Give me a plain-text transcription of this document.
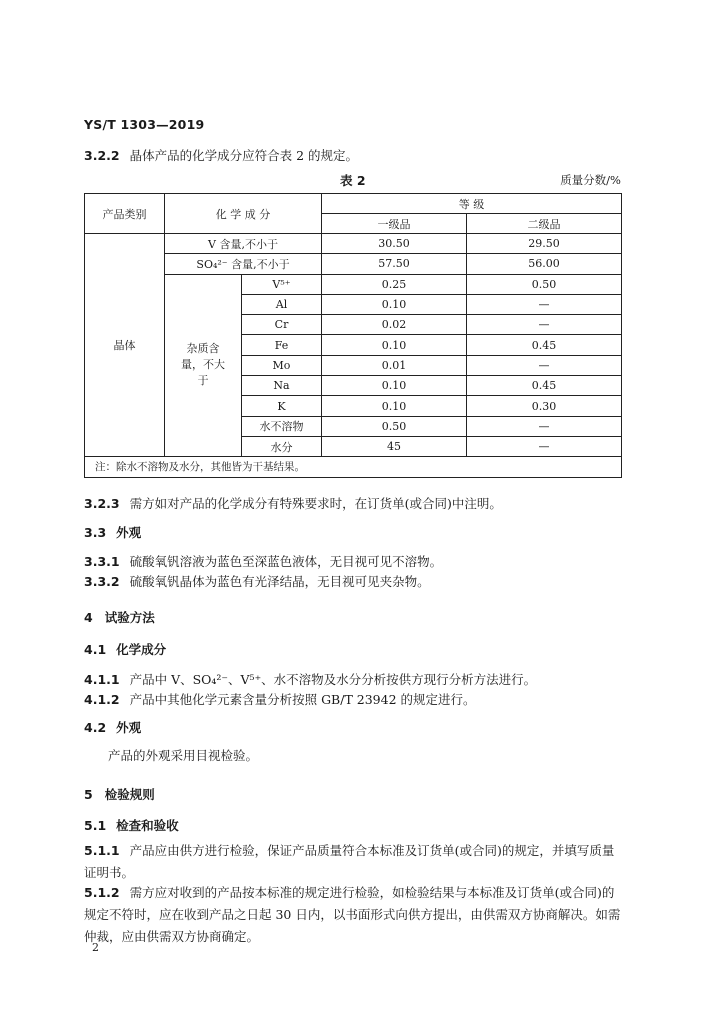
YS/T 1303—2019
3.2.2 晶体产品的化学成分应符合表 2 的规定。
表 2	质量分数/%
产品类别	化 学 成 分		等 级	
			一级品	二级品
晶体	V 含量,不小于		30.50	29.50
	SO₄²⁻ 含量,不小于		57.50	56.00
	杂质含量，不大于	V⁵⁺	0.25	0.50
		Al	0.10	—
		Cr	0.02	—
		Fe	0.10	0.45
		Mo	0.01	—
		Na	0.10	0.45
		K	0.10	0.30
		水不溶物	0.50	—
		水分	45	—
注：除水不溶物及水分，其他皆为干基结果。				
3.2.3 需方如对产品的化学成分有特殊要求时，在订货单(或合同)中注明。
3.3 外观
3.3.1 硫酸氧钒溶液为蓝色至深蓝色液体，无目视可见不溶物。
3.3.2 硫酸氧钒晶体为蓝色有光泽结晶，无目视可见夹杂物。
4 试验方法
4.1 化学成分
4.1.1 产品中 V、SO₄²⁻、V⁵⁺、水不溶物及水分分析按供方现行分析方法进行。
4.1.2 产品中其他化学元素含量分析按照 GB/T 23942 的规定进行。
4.2 外观
产品的外观采用目视检验。
5 检验规则
5.1 检查和验收
5.1.1 产品应由供方进行检验，保证产品质量符合本标准及订货单(或合同)的规定，并填写质量证明书。
5.1.2 需方应对收到的产品按本标准的规定进行检验，如检验结果与本标准及订货单(或合同)的规定不符时，应在收到产品之日起 30 日内，以书面形式向供方提出，由供需双方协商解决。如需仲裁，应由供需双方协商确定。
2
